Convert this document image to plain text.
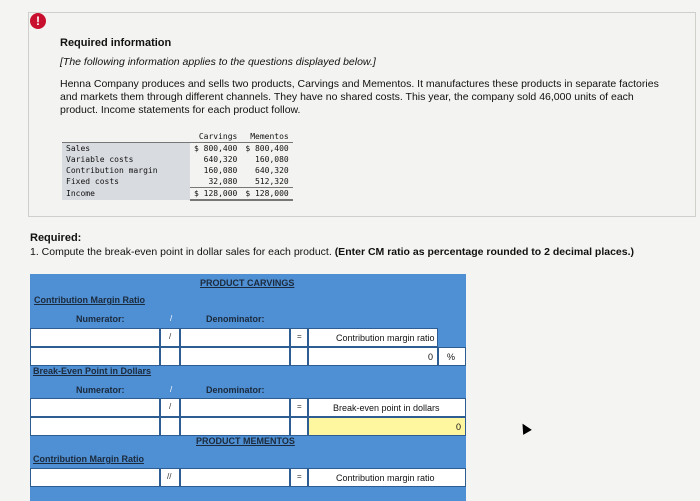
!
Required information
[The following information applies to the questions displayed below.]
Henna Company produces and sells two products, Carvings and Mementos. It manufactures these products in separate factories and markets them through different channels. They have no shared costs. This year, the company sold 46,000 units of each product. Income statements for each product follow.
	Carvings	Mementos
Sales	$ 800,400	$ 800,400
Variable costs	640,320	160,080
Contribution margin	160,080	640,320
Fixed costs	32,080	512,320
Income	$ 128,000	$ 128,000
Required:
1. Compute the break-even point in dollar sales for each product. (Enter CM ratio as percentage rounded to 2 decimal places.)
PRODUCT CARVINGS
Contribution Margin Ratio
Numerator:	Denominator:
/
/	=	Contribution margin ratio
0 %
Break-Even Point in Dollars
Numerator:	Denominator:
/
/	=	Break-even point in dollars
0
PRODUCT MEMENTOS
Contribution Margin Ratio
//	=	Contribution margin ratio
